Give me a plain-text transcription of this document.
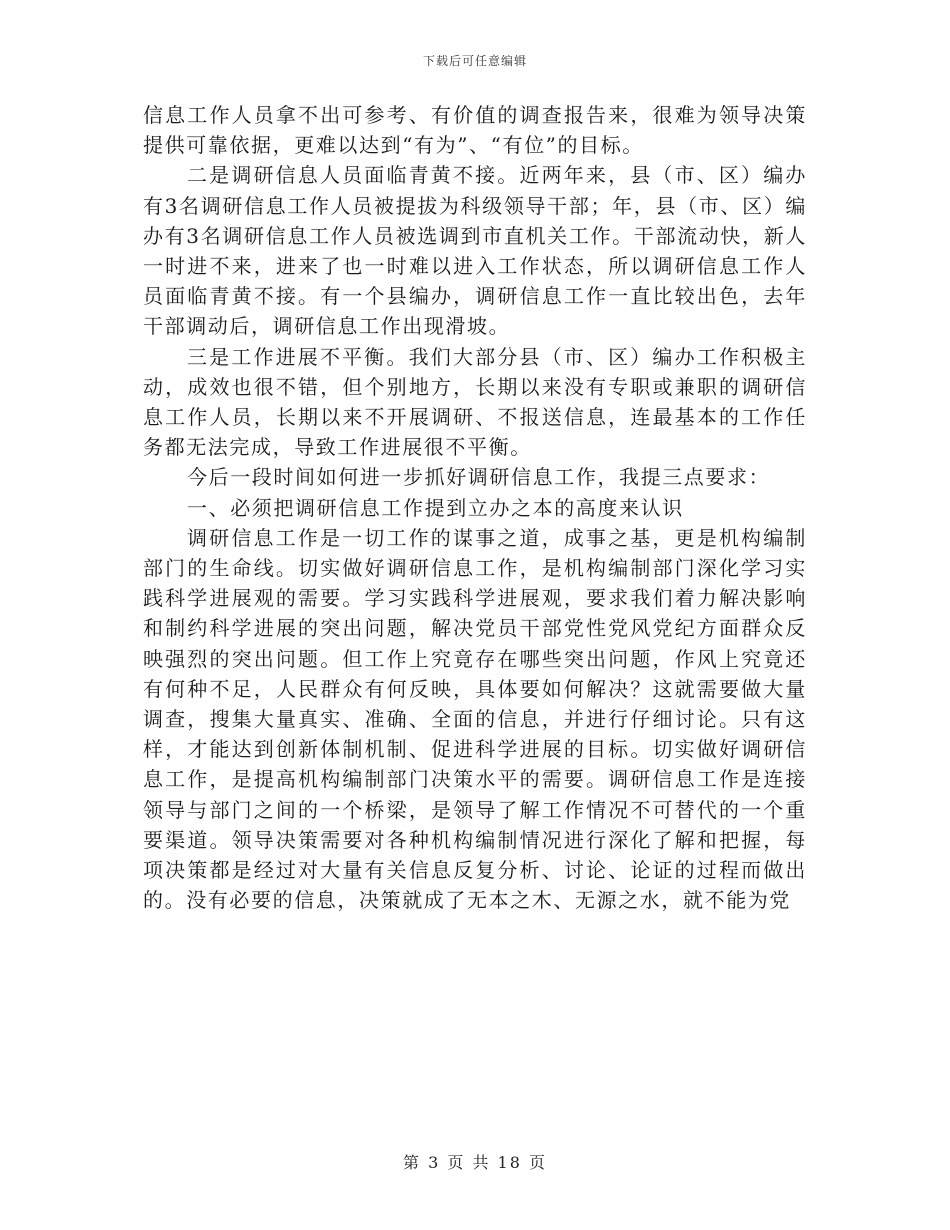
下载后可任意编辑

信息工作人员拿不出可参考、有价值的调查报告来，很难为领导决策提供可靠依据，更难以达到“有为”、“有位”的目标。

二是调研信息人员面临青黄不接。近两年来，县（市、区）编办有3名调研信息工作人员被提拔为科级领导干部；年，县（市、区）编办有3名调研信息工作人员被选调到市直机关工作。干部流动快，新人一时进不来，进来了也一时难以进入工作状态，所以调研信息工作人员面临青黄不接。有一个县编办，调研信息工作一直比较出色，去年干部调动后，调研信息工作出现滑坡。

三是工作进展不平衡。我们大部分县（市、区）编办工作积极主动，成效也很不错，但个别地方，长期以来没有专职或兼职的调研信息工作人员，长期以来不开展调研、不报送信息，连最基本的工作任务都无法完成，导致工作进展很不平衡。

今后一段时间如何进一步抓好调研信息工作，我提三点要求：

一、必须把调研信息工作提到立办之本的高度来认识

调研信息工作是一切工作的谋事之道，成事之基，更是机构编制部门的生命线。切实做好调研信息工作，是机构编制部门深化学习实践科学进展观的需要。学习实践科学进展观，要求我们着力解决影响和制约科学进展的突出问题，解决党员干部党性党风党纪方面群众反映强烈的突出问题。但工作上究竟存在哪些突出问题，作风上究竟还有何种不足，人民群众有何反映，具体要如何解决？这就需要做大量调查，搜集大量真实、准确、全面的信息，并进行仔细讨论。只有这样，才能达到创新体制机制、促进科学进展的目标。切实做好调研信息工作，是提高机构编制部门决策水平的需要。调研信息工作是连接领导与部门之间的一个桥梁，是领导了解工作情况不可替代的一个重要渠道。领导决策需要对各种机构编制情况进行深化了解和把握，每项决策都是经过对大量有关信息反复分析、讨论、论证的过程而做出的。没有必要的信息，决策就成了无本之木、无源之水，就不能为党

第 3 页 共 18 页
